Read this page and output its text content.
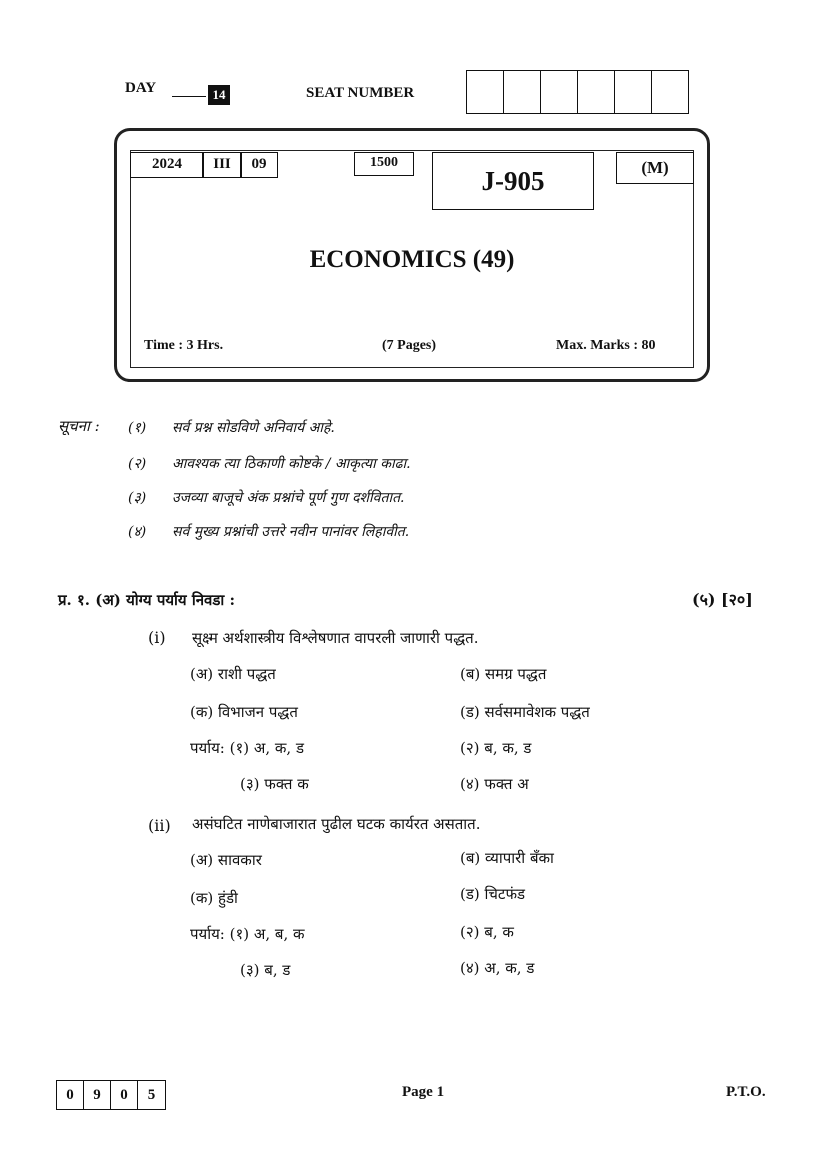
DAY	14	SEAT NUMBER
2024	III	09	1500
J-905	(M)
ECONOMICS (49)
Time : 3 Hrs.	(7 Pages)	Max. Marks : 80
सूचना : (१) सर्व प्रश्न सोडविणे अनिवार्य आहे.
(२) आवश्यक त्या ठिकाणी कोष्टके / आकृत्या काढा.
(३) उजव्या बाजूचे अंक प्रश्नांचे पूर्ण गुण दर्शवितात.
(४) सर्व मुख्य प्रश्नांची उत्तरे नवीन पानांवर लिहावीत.
प्र. १. (अ) योग्य पर्याय निवडा :	(५) [२०]
(i) सूक्ष्म अर्थशास्त्रीय विश्लेषणात वापरली जाणारी पद्धत.
(अ) राशी पद्धत	(ब) समग्र पद्धत
(क) विभाजन पद्धत	(ड) सर्वसमावेशक पद्धत
पर्याय: (१) अ, क, ड	(२) ब, क, ड
(३) फक्त क	(४) फक्त अ
(ii) असंघटित नाणेबाजारात पुढील घटक कार्यरत असतात.
(अ) सावकार	(ब) व्यापारी बँका
(क) हुंडी	(ड) चिटफंड
पर्याय: (१) अ, ब, क	(२) ब, क
(३) ब, ड	(४) अ, क, ड
0	9	0	5	Page 1	P.T.O.
